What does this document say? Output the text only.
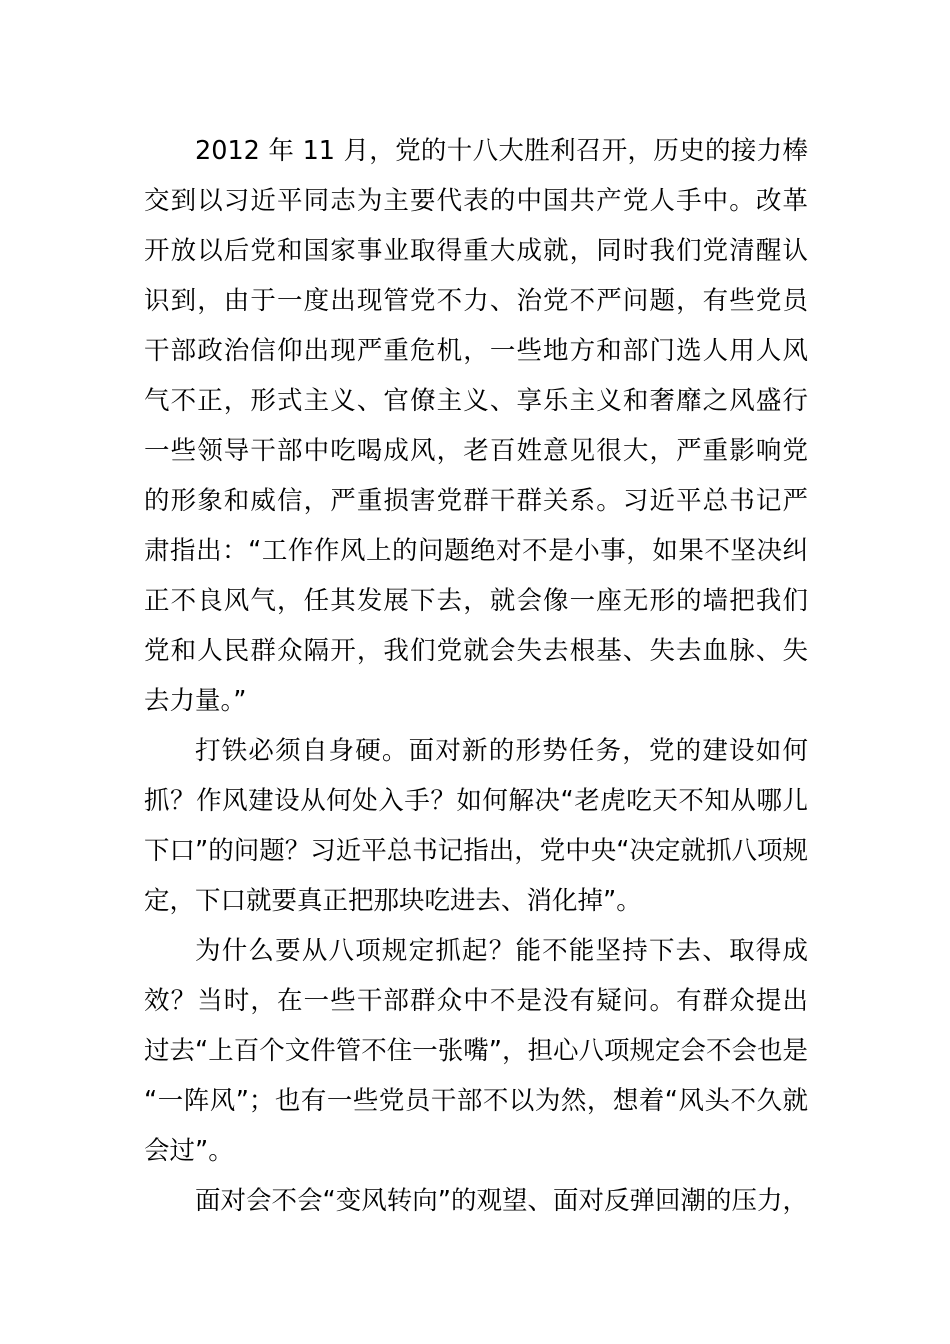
2012 年 11 月，党的十八大胜利召开，历史的接力棒
交到以习近平同志为主要代表的中国共产党人手中。改革
开放以后党和国家事业取得重大成就，同时我们党清醒认
识到，由于一度出现管党不力、治党不严问题，有些党员
干部政治信仰出现严重危机，一些地方和部门选人用人风
气不正，形式主义、官僚主义、享乐主义和奢靡之风盛行
一些领导干部中吃喝成风，老百姓意见很大，严重影响党
的形象和威信，严重损害党群干群关系。习近平总书记严
肃指出：“工作作风上的问题绝对不是小事，如果不坚决纠
正不良风气，任其发展下去，就会像一座无形的墙把我们
党和人民群众隔开，我们党就会失去根基、失去血脉、失
去力量。”
打铁必须自身硬。面对新的形势任务，党的建设如何
抓？作风建设从何处入手？如何解决“老虎吃天不知从哪儿
下口”的问题？习近平总书记指出，党中央“决定就抓八项规
定，下口就要真正把那块吃进去、消化掉”。
为什么要从八项规定抓起？能不能坚持下去、取得成
效？当时，在一些干部群众中不是没有疑问。有群众提出
过去“上百个文件管不住一张嘴”，担心八项规定会不会也是
“一阵风”；也有一些党员干部不以为然，想着“风头不久就
会过”。
面对会不会“变风转向”的观望、面对反弹回潮的压力，
